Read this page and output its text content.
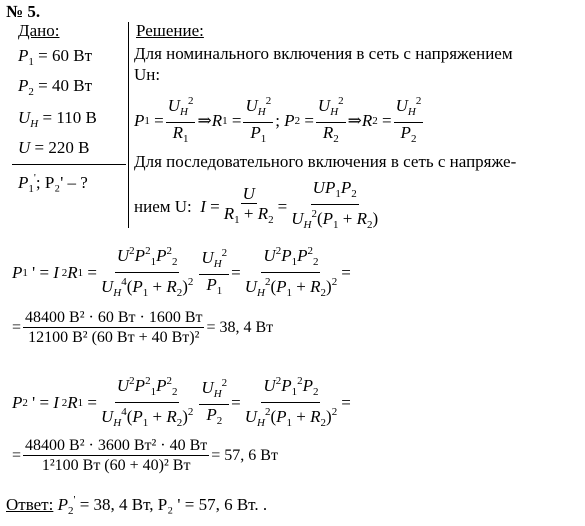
№ 5.
Дано:
$P_1 = 60$ Вт
$P_2 = 40$ Вт
$U_H = 110$ В
U = 220 В
$P_1'$; P₂' – ?
Решение:
Для номинального включения в сеть с напряжением
Uн:
P $1 = \frac{U_H^2}{R_1}$ ⇒ R $1 = \frac{U_H^2}{P_1}$ ; P $2 = \frac{U_H^2}{R_2}$ ⇒ R $2 = \frac{U_H^2}{P_2}$
Для последовательного включения в сеть с напряже-
нием U:
$I = \frac{U}{R_1 + R_2} = \frac{UP_1P_2}{U_H^2(P_1 + R_2)}$
P 1 ' = I 2 R $1 = \frac{U^2P^2_1P^2_2}{U_H^4(P_1 + R_2)^2} \frac{U_H^2}{P_1} = \frac{U^2P_1P^2_2}{U_H^2(P_1 + R_2)^2}$ =
= $\frac{\text{48400 В² · 60 Вт · 1600 Вт}}{\text{12100 В² (60 Вт + 40 Вт)²}} = 38$, 4 Вт
P 2 ' = I 2 R $1 = \frac{U^2P^2_1P^2_2}{U_H^4(P_1 + R_2)^2} \frac{U_H^2}{P_2} = \frac{U^2P_1^2P_2}{U_H^2(P_1 + R_2)^2}$ =
= $\frac{\text{48400 В² · 3600 Вт² · 40 Вт}}{\text{1²100 Вт (60 + 40)² Вт}} = 57$, 6 Вт
Ответ: $P_2' = 38$, 4 Вт, P₂ ' = 57, 6 Вт. .
